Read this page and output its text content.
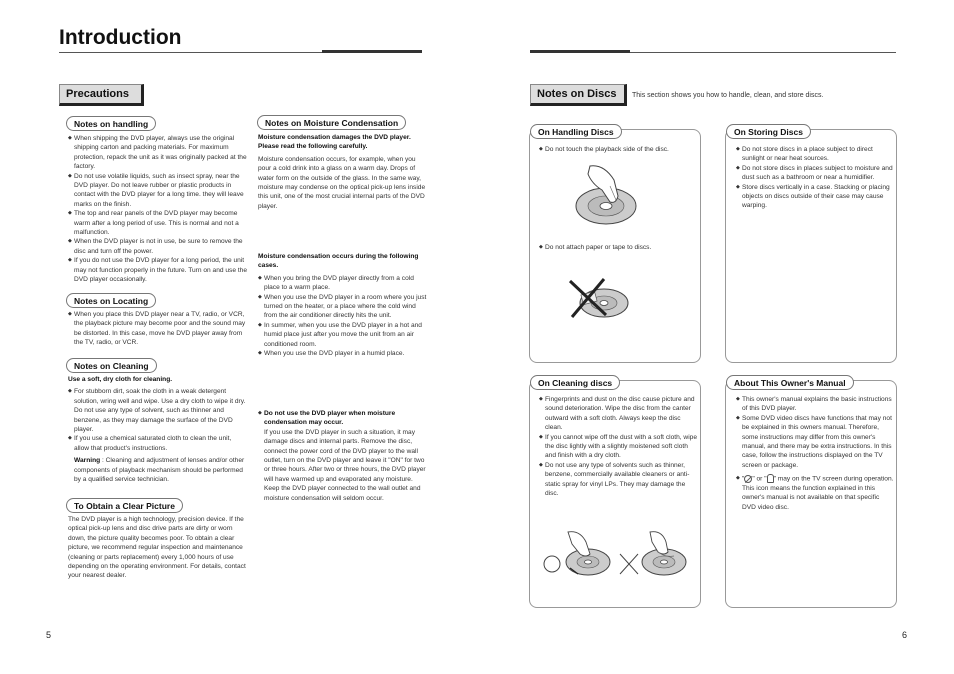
Introduction
Precautions
Notes on handling

◆ When shipping the DVD player, always use the original shipping carton and packing materials. For maximum protection, repack the unit as it was originally packed at the factory.

◆ Do not use volatile liquids, such as insect spray, near the DVD player. Do not leave rubber or plastic products in contact with the DVD player for a long time. they will leave marks on the finish.

◆ The top and rear panels of the DVD player may become warm after a long period of use. This is normal and not a malfunction.

◆ When the DVD player is not in use, be sure to remove the disc and turn off the power.

◆ If you do not use the DVD player for a long period, the unit may not function properly in the future. Turn on and use the DVD player occasionally.

Notes on Locating

◆ When you place this DVD player near a TV, radio, or VCR, the playback picture may become poor and the sound may be distorted. In this case, move he DVD player away from the TV, radio, or VCR.

Notes on Cleaning

Use a soft, dry cloth for cleaning.

◆ For stubborn dirt, soak the cloth in a weak detergent solution, wring well and wipe. Use a dry cloth to wipe it dry. Do not use any type of solvent, such as thinner and benzene, as they may damage the surface of the DVD player.

◆ If you use a chemical saturated cloth to clean the unit, allow that product's instructions.

Warning : Cleaning and adjustment of lenses and/or other components of playback mechanism should be performed by a qualified service technician.

To Obtain a Clear Picture
The DVD player is a high technology, precision device. If the optical pick-up lens and disc drive parts are dirty or worn down, the picture quality becomes poor. To obtain a clear picture, we recommend regular inspection and maintenance (cleaning or parts replacement) every 1,000 hours of use depending on the operating environment. For details, contact your nearest dealer.
Notes on Moisture Condensation

Moisture condensation damages the DVD player. Please read the following carefully.

Moisture condensation occurs, for example, when you pour a cold drink into a glass on a warm day. Drops of water form on the outside of the glass. In the same way, moisture may condense on the optical pick-up lens inside this unit, one of the most crucial internal parts of the DVD player.

Moisture condensation occurs during the following cases.

◆ When you bring the DVD player directly from a cold place to a warm place.

◆ When you use the DVD player in a room where you just turned on the heater, or a place where the cold wind from the air conditioner directly hits the unit.

◆ In summer, when you use the DVD player in a hot and humid place just after you move the unit from an air conditioned room.

◆ When you use the DVD player in a humid place.

◆ Do not use the DVD player when moisture condensation may occur.

If you use the DVD player in such a situation, it may damage discs and internal parts. Remove the disc, connect the power cord of the DVD player to the wall outlet, turn on the DVD player and leave it "ON" for two or three hours. After two or three hours, the DVD player will have warmed up and evaporated any moisture. Keep the DVD player connected to the wall outlet and moisture condensation will seldom occur.

5
Notes on Discs	This section shows you how to handle, clean, and store discs.
On Handling Discs

◆ Do not touch the playback side of the disc.

◆ Do not attach paper or tape to discs.

On Storing Discs

◆ Do not store discs in a place subject to direct sunlight or near heat sources.

◆ Do not store discs in places subject to moisture and dust such as a bathroom or near a humidifier.

◆ Store discs vertically in a case. Stacking or placing objects on discs outside of their case may cause warping.

On Cleaning discs

◆ Fingerprints and dust on the disc cause picture and sound deterioration. Wipe the disc from the canter outward with a soft cloth. Always keep the disc clean.

◆ If you cannot wipe off the dust with a soft cloth, wipe the disc lightly with a slightly moistened soft cloth and finish with a dry cloth.

◆ Do not use any type of solvents such as thinner, benzene, commercially available cleaners or anti-static spray for vinyl LPs. They may damage the disc.

About This Owner's Manual

◆ This owner's manual explains the basic instructions of this DVD player.

◆ Some DVD video discs have functions that may not be explained in this owners manual. Therefore, some instructions may differ from this owner's manual, and there may be extra instructions. In this case, follow the instructions displayed on the TV screen or package.

◆ " " or " " may on the TV screen during operation. This icon means the function explained in this owner's manual is not available on that specific DVD video disc.

6
